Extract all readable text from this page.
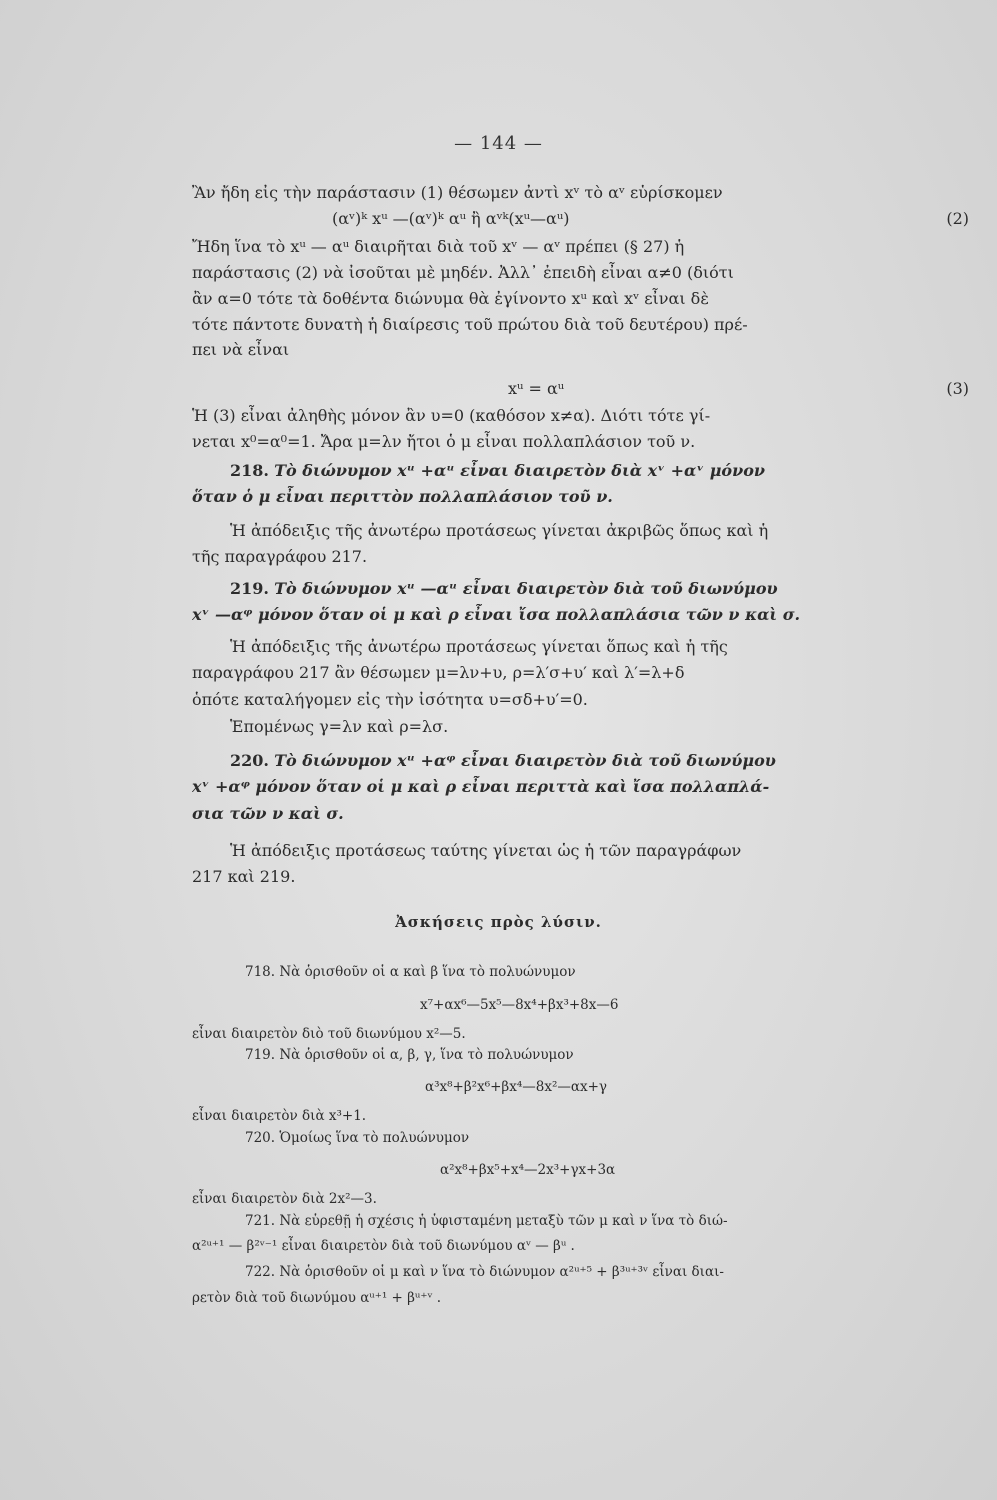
— 144 —
Ἂν ἤδη εἰς τὴν παράστασιν (1) θέσωμεν ἀντὶ xᵛ τὸ αᵛ εὑρίσκομεν
(αᵛ)ᵏ xᵘ —(αᵛ)ᵏ αᵘ ἢ αᵛᵏ(xᵘ—αᵘ)	(2)
Ἤδη ἵνα τὸ xᵘ — αᵘ διαιρῆται διὰ τοῦ xᵛ — αᵛ πρέπει (§ 27) ἡ
παράστασις (2) νὰ ἰσοῦται μὲ μηδέν. Ἀλλ᾽ ἐπειδὴ εἶναι α≠0 (διότι
ἂν α=0 τότε τὰ δοθέντα διώνυμα θὰ ἐγίνοντο xᵘ καὶ xᵛ εἶναι δὲ
τότε πάντοτε δυνατὴ ἡ διαίρεσις τοῦ πρώτου διὰ τοῦ δευτέρου) πρέ-
πει νὰ εἶναι
xᵘ = αᵘ	(3)
Ἡ (3) εἶναι ἀληθὴς μόνον ἂν υ=0 (καθόσον x≠α). Διότι τότε γί-
νεται x⁰=α⁰=1. Ἄρα μ=λν ἤτοι ὁ μ εἶναι πολλαπλάσιον τοῦ ν.
218. Τὸ διώνυμον xᵘ +αᵘ εἶναι διαιρετὸν διὰ xᵛ +αᵛ μόνον
ὅταν ὁ μ εἶναι περιττὸν πολλαπλάσιον τοῦ ν.
Ἡ ἀπόδειξις τῆς ἀνωτέρω προτάσεως γίνεται ἀκριβῶς ὅπως καὶ ἡ
τῆς παραγράφου 217.
219. Τὸ διώνυμον xᵘ —αᵘ εἶναι διαιρετὸν διὰ τοῦ διωνύμου
xᵛ —αᵠ μόνον ὅταν οἱ μ καὶ ρ εἶναι ἴσα πολλαπλάσια τῶν ν καὶ σ.
Ἡ ἀπόδειξις τῆς ἀνωτέρω προτάσεως γίνεται ὅπως καὶ ἡ τῆς
παραγράφου 217 ἂν θέσωμεν μ=λν+υ, ρ=λ′σ+υ′ καὶ λ′=λ+δ
ὁπότε καταλήγομεν εἰς τὴν ἰσότητα υ=σδ+υ′=0.
Ἑπομένως γ=λν καὶ ρ=λσ.
220. Τὸ διώνυμον xᵘ +αᵠ εἶναι διαιρετὸν διὰ τοῦ διωνύμου
xᵛ +αᵠ μόνον ὅταν οἱ μ καὶ ρ εἶναι περιττὰ καὶ ἴσα πολλαπλά-
σια τῶν ν καὶ σ.
Ἡ ἀπόδειξις προτάσεως ταύτης γίνεται ὡς ἡ τῶν παραγράφων
217 καὶ 219.
Ἀσκήσεις πρὸς λύσιν.
718. Νὰ ὁρισθοῦν οἱ α καὶ β ἵνα τὸ πολυώνυμον
x⁷+αx⁶—5x⁵—8x⁴+βx³+8x—6
εἶναι διαιρετὸν διὸ τοῦ διωνύμου x²—5.
719. Νὰ ὁρισθοῦν οἱ α, β, γ, ἵνα τὸ πολυώνυμον
α³x⁸+β²x⁶+βx⁴—8x²—αx+γ
εἶναι διαιρετὸν διὰ x³+1.
720. Ὁμοίως ἵνα τὸ πολυώνυμον
α²x⁸+βx⁵+x⁴—2x³+γx+3α
εἶναι διαιρετὸν διὰ 2x²—3.
721. Νὰ εὑρεθῇ ἡ σχέσις ἡ ὑφισταμένη μεταξὺ τῶν μ καὶ ν ἵνα τὸ διώ-
α²ᵘ⁺¹ — β²ᵛ⁻¹ εἶναι διαιρετὸν διὰ τοῦ διωνύμου αᵛ — βᵘ .
722. Νὰ ὁρισθοῦν οἱ μ καὶ ν ἵνα τὸ διώνυμον α²ᵘ⁺⁵ + β³ᵘ⁺³ᵛ εἶναι διαι-
ρετὸν διὰ τοῦ διωνύμου αᵘ⁺¹ + βᵘ⁺ᵛ .
